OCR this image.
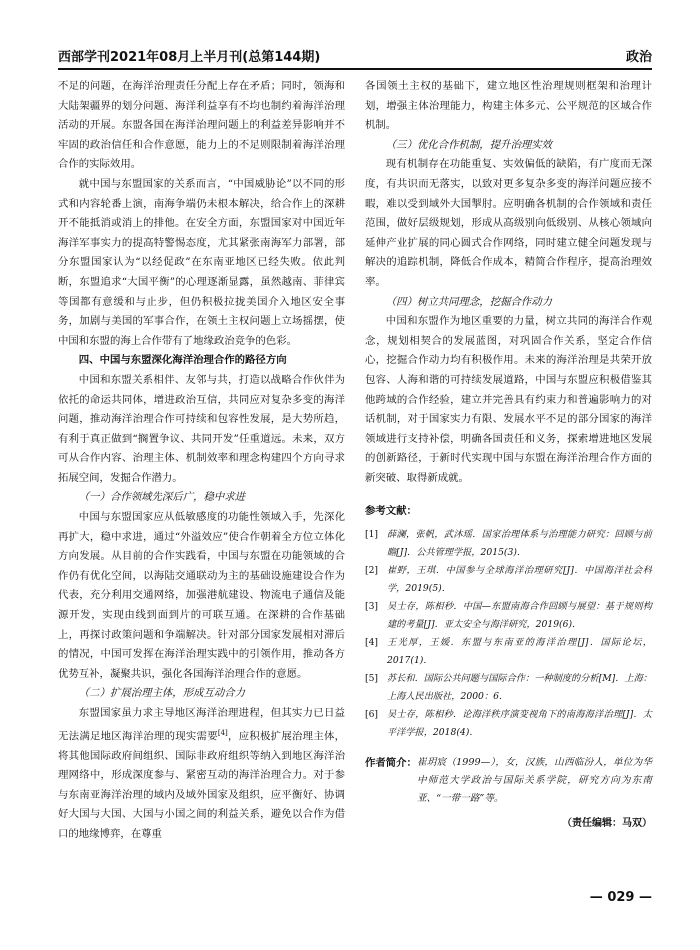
西部学刊2021年08月上半月刊(总第144期)	政治

不足的问题，在海洋治理责任分配上存在矛盾；同时，领海和大陆架疆界的划分问题、海洋利益享有不均也制约着海洋治理活动的开展。东盟各国在海洋治理问题上的利益差异影响并不牢固的政治信任和合作意愿，能力上的不足则限制着海洋治理合作的实际效用。

就中国与东盟国家的关系而言，“中国威胁论”以不同的形式和内容轮番上演，南海争端仍未根本解决，给合作上的深耕开不能抵消或消上的排他。在安全方面，东盟国家对中国近年海洋军事实力的提高特警惕态度，尤其紧张南海军力部署，部分东盟国家认为“以经促政”在东南亚地区已经失败。依此判断，东盟追求“大国平衡”的心理逐渐显露，虽然越南、菲律宾等国都有意缓和与止步，但仍积极拉拢美国介入地区安全事务，加剧与美国的军事合作，在领土主权问题上立场摇摆，使中国和东盟的海上合作带有了地缘政治竞争的色彩。

四、中国与东盟深化海洋治理合作的路径方向

中国和东盟关系相伴、友邻与共，打造以战略合作伙伴为依托的命运共同体，增进政治互信，共同应对复杂多变的海洋问题，推动海洋治理合作可持续和包容性发展，是大势所趋，有利于真正做到“搁置争议、共同开发”任重道远。未来，双方可从合作内容、治理主体、机制效率和理念构建四个方向寻求拓展空间，发掘合作潜力。

（一）合作领域先深后广，稳中求进

中国与东盟国家应从低敏感度的功能性领域入手，先深化再扩大，稳中求进，通过“外溢效应”使合作朝着全方位立体化方向发展。从目前的合作实践看，中国与东盟在功能领域的合作仍有优化空间，以海陆交通联动为主的基础设施建设合作为代表，充分利用交通网络，加强港航建设、物流电子通信及能源开发，实现由线到面到片的可联互通。在深耕的合作基础上，再探讨政策问题和争端解决。针对部分国家发展相对滞后的情况，中国可发挥在海洋治理实践中的引领作用，推动各方优势互补，凝聚共识，强化各国海洋治理合作的意愿。

（二）扩展治理主体，形成互动合力

东盟国家虽力求主导地区海洋治理进程，但其实力已日益无法满足地区海洋治理的现实需要[4]，应积极扩展治理主体，将其他国际政府间组织、国际非政府组织等纳入到地区海洋治理网络中，形成深度参与、紧密互动的海洋治理合力。对于参与东南亚海洋治理的域内及域外国家及组织，应平衡好、协调好大国与大国、大国与小国之间的利益关系，避免以合作为借口的地缘博弈，在尊重

各国领土主权的基础下，建立地区性治理规则框架和治理计划，增强主体治理能力，构建主体多元、公平规范的区域合作机制。

（三）优化合作机制，提升治理实效

现有机制存在功能重复、实效偏低的缺陷，有广度而无深度，有共识而无落实，以致对更多复杂多变的海洋问题应接不暇，难以受到域外大国掣肘。应明确各机制的合作领域和责任范围，做好层级规划，形成从高级别向低级别、从核心领域向延伸产业扩展的同心圆式合作网络，同时建立健全问题发现与解决的追踪机制，降低合作成本，精简合作程序，提高治理效率。

（四）树立共同理念，挖掘合作动力

中国和东盟作为地区重要的力量，树立共同的海洋合作观念，规划相契合的发展蓝图，对巩固合作关系，坚定合作信心，挖掘合作动力均有积极作用。未来的海洋治理是共荣开放包容、人海和谐的可持续发展道路，中国与东盟应积极借鉴其他跨域的合作经验，建立并完善具有约束力和普遍影响力的对话机制，对于国家实力有限、发展水平不足的部分国家的海洋领域进行支持补偿，明确各国责任和义务，探索增进地区发展的创新路径，于新时代实现中国与东盟在海洋治理合作方面的新突破、取得新成就。

参考文献：
[1] 薛澜，张帆，武沐瑶．国家治理体系与治理能力研究：回顾与前瞻[J]．公共管理学报，2015(3)．
[2] 崔野，王琪．中国参与全球海洋治理研究[J]．中国海洋社会科学，2019(5)．
[3] 吴士存，陈相秒．中国—东盟南海合作回顾与展望：基于规则构建的考量[J]．亚太安全与海洋研究，2019(6)．
[4] 王光厚，王媛．东盟与东南亚的海洋治理[J]．国际论坛，2017(1)．
[5] 苏长和．国际公共问题与国际合作：一种制度的分析[M]．上海：上海人民出版社，2000：6．
[6] 吴士存，陈相秒．论海洋秩序演变视角下的南海海洋治理[J]．太平洋学报，2018(4)．
作者简介： 崔玥宸（1999—），女，汉族，山西临汾人，单位为华中师范大学政治与国际关系学院，研究方向为东南亚、“一带一路”等。
（责任编辑：马双）
— 029 —
